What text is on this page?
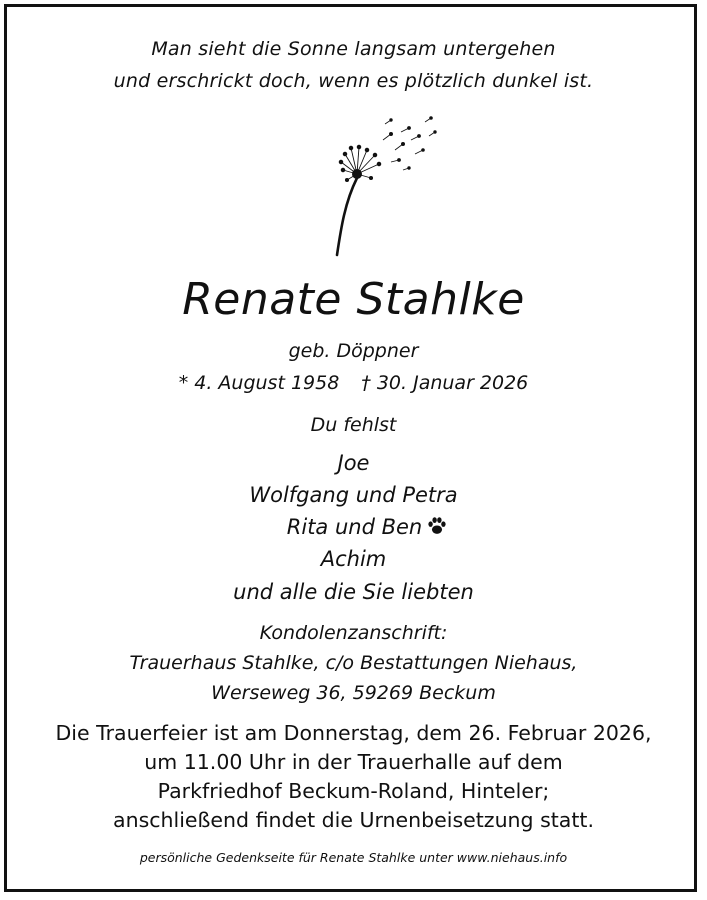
Man sieht die Sonne langsam untergehen
und erschrickt doch, wenn es plötzlich dunkel ist.
Renate Stahlke
geb. Döppner
* 4. August 1958 † 30. Januar 2026
Du fehlst
Joe
Wolfgang und Petra
Rita und Ben
Achim
und alle die Sie liebten
Kondolenzanschrift:
Trauerhaus Stahlke, c/o Bestattungen Niehaus,
Werseweg 36, 59269 Beckum
Die Trauerfeier ist am Donnerstag, dem 26. Februar 2026,
um 11.00 Uhr in der Trauerhalle auf dem
Parkfriedhof Beckum-Roland, Hinteler;
anschließend findet die Urnenbeisetzung statt.
persönliche Gedenkseite für Renate Stahlke unter www.niehaus.info
